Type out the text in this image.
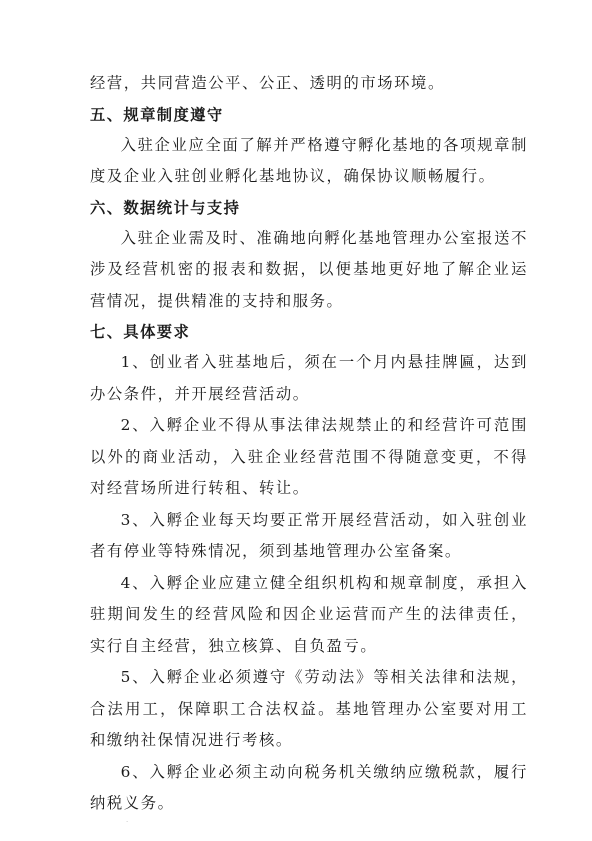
经营，共同营造公平、公正、透明的市场环境。

五、规章制度遵守

入驻企业应全面了解并严格遵守孵化基地的各项规章制度及企业入驻创业孵化基地协议，确保协议顺畅履行。

六、数据统计与支持

入驻企业需及时、准确地向孵化基地管理办公室报送不涉及经营机密的报表和数据，以便基地更好地了解企业运营情况，提供精准的支持和服务。

七、具体要求

1、创业者入驻基地后，须在一个月内悬挂牌匾，达到办公条件，并开展经营活动。

2、入孵企业不得从事法律法规禁止的和经营许可范围以外的商业活动，入驻企业经营范围不得随意变更，不得对经营场所进行转租、转让。

3、入孵企业每天均要正常开展经营活动，如入驻创业者有停业等特殊情况，须到基地管理办公室备案。

4、入孵企业应建立健全组织机构和规章制度，承担入驻期间发生的经营风险和因企业运营而产生的法律责任，实行自主经营，独立核算、自负盈亏。

5、入孵企业必须遵守《劳动法》等相关法律和法规，合法用工，保障职工合法权益。基地管理办公室要对用工和缴纳社保情况进行考核。

6、入孵企业必须主动向税务机关缴纳应缴税款，履行纳税义务。

·
